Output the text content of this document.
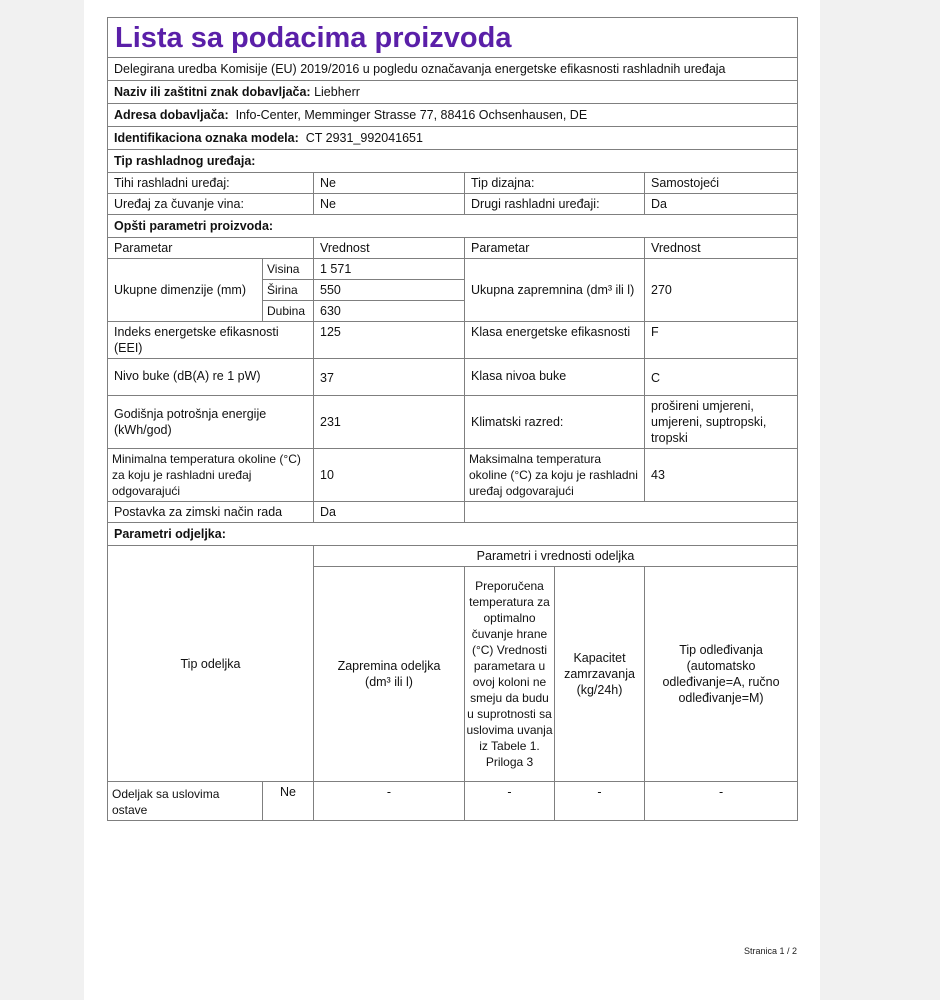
Lista sa podacima proizvoda					
Delegirana uredba Komisije (EU) 2019/2016 u pogledu označavanja energetske efikasnosti rashladnih uređaja					
Naziv ili zaštitni znak dobavljača: Liebherr					
Adresa dobavljača: Info-Center, Memminger Strasse 77, 88416 Ochsenhausen, DE					
Identifikaciona oznaka modela: CT 2931_992041651					
Tip rashladnog uređaja:					
Tihi rashladni uređaj:		Ne	Tip dizajna:		Samostojeći
Uređaj za čuvanje vina:		Ne	Drugi rashladni uređaji:		Da
Opšti parametri proizvoda:					
Parametar		Vrednost	Parametar		Vrednost
Ukupne dimenzije (mm)	Visina	1 571	Ukupna zapremnina (dm³ ili l)		270
	Širina	550			
	Dubina	630			
Indeks energetske efikasnosti (EEI)		125	Klasa energetske efikasnosti		F
Nivo buke (dB(A) re 1 pW)		37	Klasa nivoa buke		C
Godišnja potrošnja energije (kWh/god)		231	Klimatski razred:		prošireni umjereni, umjereni, suptropski, tropski
Minimalna temperatura okoline (°C) za koju je rashladni uređaj odgovarajući		10	Maksimalna temperatura okoline (°C) za koju je rashladni uređaj odgovarajući		43
Postavka za zimski način rada		Da			
Parametri odjeljka:					
Tip odeljka		Parametri i vrednosti odeljka			
		Zapremina odeljka (dm³ ili l)	Preporučena temperatura za optimalno čuvanje hrane (°C) Vrednosti parametara u ovoj koloni ne smeju da budu u suprotnosti sa uslovima uvanja iz Tabele 1. Priloga 3	Kapacitet zamrzavanja (kg/24h)	Tip odleđivanja (automatsko odleđivanje=A, ručno odleđivanje=M)
Odeljak sa uslovima ostave	Ne	-	-	-	-
Stranica 1 / 2
